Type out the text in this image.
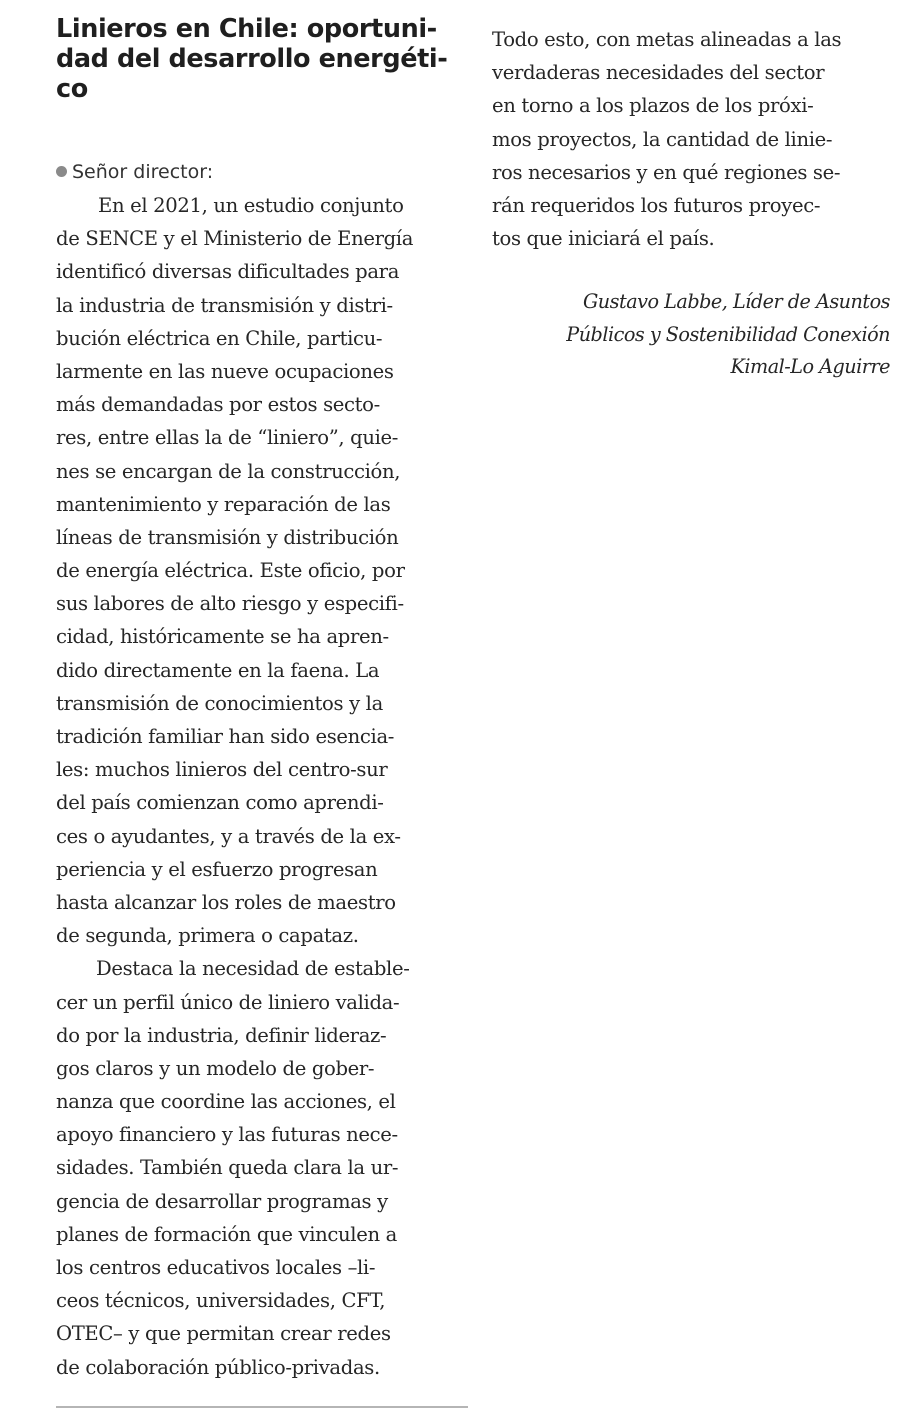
Linieros en Chile: oportuni-
dad del desarrollo energéti-
co
Señor director:
En el 2021, un estudio conjunto
de SENCE y el Ministerio de Energía
identificó diversas dificultades para
la industria de transmisión y distri-
bución eléctrica en Chile, particu-
larmente en las nueve ocupaciones
más demandadas por estos secto-
res, entre ellas la de “liniero”, quie-
nes se encargan de la construcción,
mantenimiento y reparación de las
líneas de transmisión y distribución
de energía eléctrica. Este oficio, por
sus labores de alto riesgo y especifi-
cidad, históricamente se ha apren-
dido directamente en la faena. La
transmisión de conocimientos y la
tradición familiar han sido esencia-
les: muchos linieros del centro-sur
del país comienzan como aprendi-
ces o ayudantes, y a través de la ex-
periencia y el esfuerzo progresan
hasta alcanzar los roles de maestro
de segunda, primera o capataz.
Destaca la necesidad de estable-
cer un perfil único de liniero valida-
do por la industria, definir lideraz-
gos claros y un modelo de gober-
nanza que coordine las acciones, el
apoyo financiero y las futuras nece-
sidades. También queda clara la ur-
gencia de desarrollar programas y
planes de formación que vinculen a
los centros educativos locales –li-
ceos técnicos, universidades, CFT,
OTEC– y que permitan crear redes
de colaboración público-privadas.
Todo esto, con metas alineadas a las
verdaderas necesidades del sector
en torno a los plazos de los próxi-
mos proyectos, la cantidad de linie-
ros necesarios y en qué regiones se-
rán requeridos los futuros proyec-
tos que iniciará el país.
Gustavo Labbe, Líder de Asuntos
Públicos y Sostenibilidad Conexión
Kimal-Lo Aguirre
